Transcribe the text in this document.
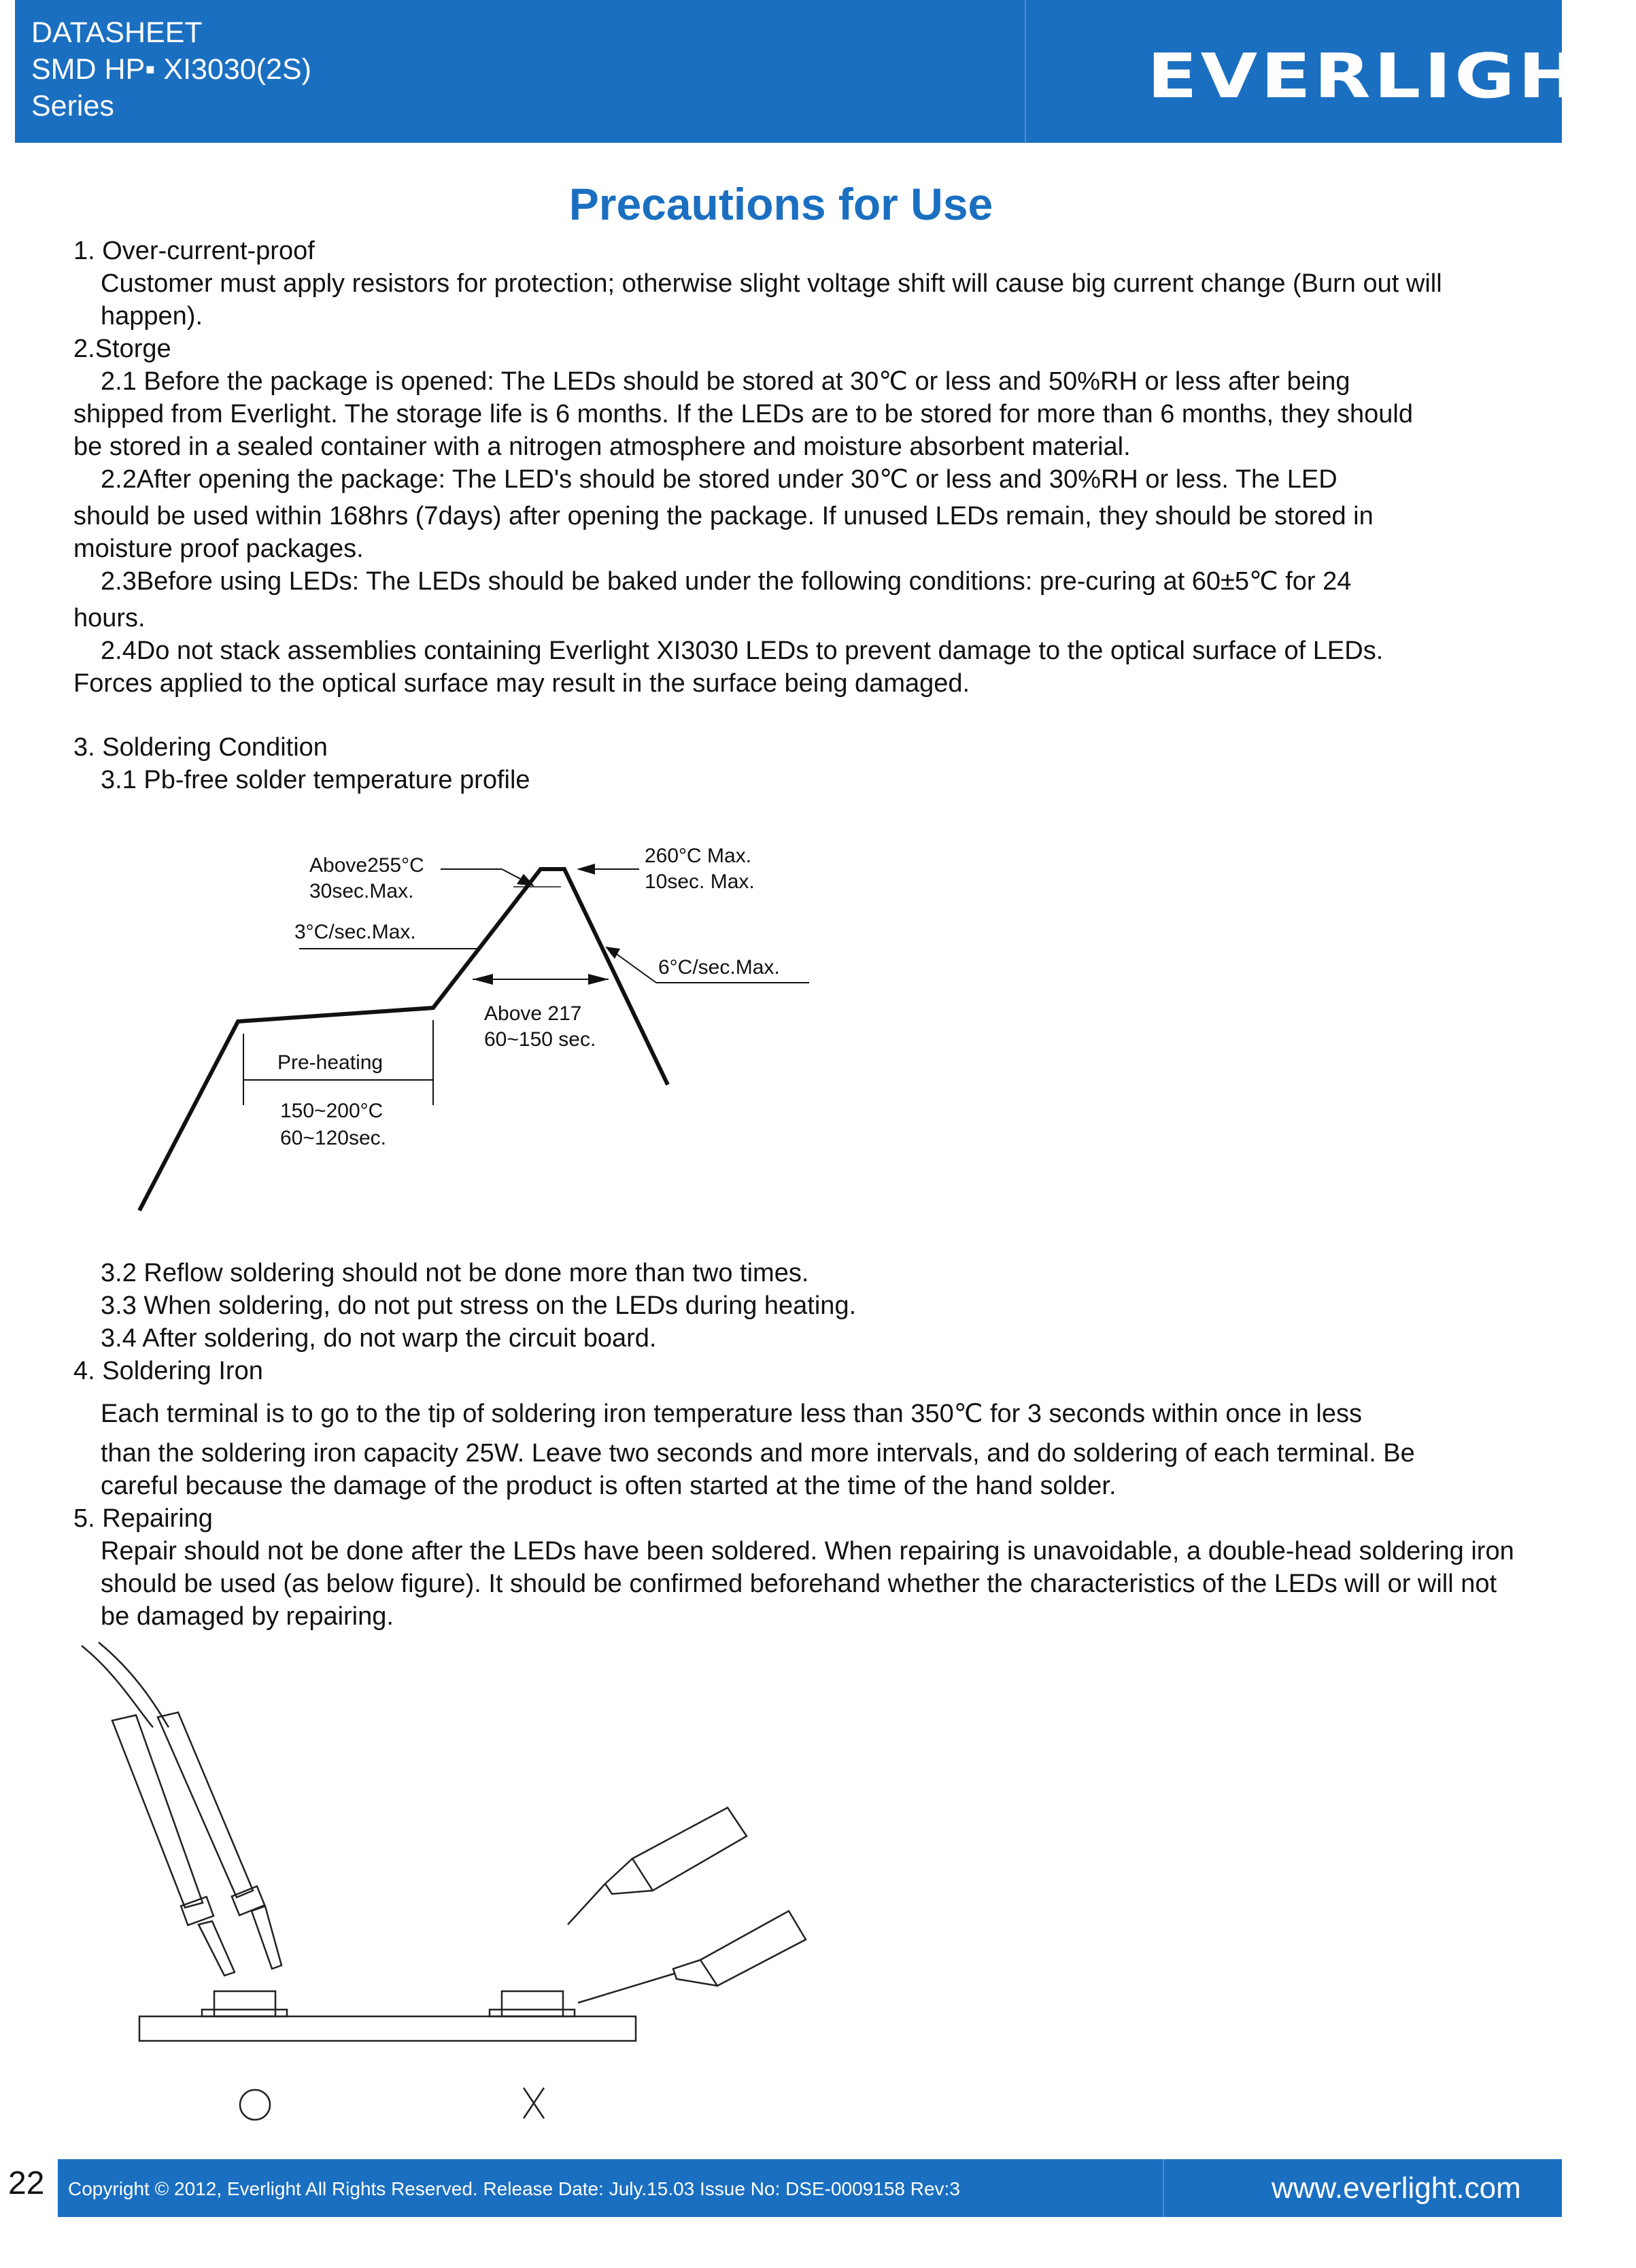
DATASHEET
SMD HP▪ XI3030(2S)
Series	EVERLIGHT
Precautions for Use
1. Over-current-proof
Customer must apply resistors for protection; otherwise slight voltage shift will cause big current change (Burn out will happen).
2.Storge
2.1 Before the package is opened: The LEDs should be stored at 30℃ or less and 50%RH or less after being
shipped from Everlight. The storage life is 6 months. If the LEDs are to be stored for more than 6 months, they should
be stored in a sealed container with a nitrogen atmosphere and moisture absorbent material.
2.2After opening the package: The LED's should be stored under 30℃ or less and 30%RH or less. The LED
should be used within 168hrs (7days) after opening the package. If unused LEDs remain, they should be stored in
moisture proof packages.
2.3Before using LEDs: The LEDs should be baked under the following conditions: pre-curing at 60±5℃ for 24
hours.
2.4Do not stack assemblies containing Everlight XI3030 LEDs to prevent damage to the optical surface of LEDs.
Forces applied to the optical surface may result in the surface being damaged.
3. Soldering Condition
3.1 Pb-free solder temperature profile
Above255°C
30sec.Max.
3°C/sec.Max.
260°C Max.
10sec. Max.
6°C/sec.Max.
Above 217
60~150 sec.
Pre-heating
150~200°C
60~120sec.
3.2 Reflow soldering should not be done more than two times.
3.3 When soldering, do not put stress on the LEDs during heating.
3.4 After soldering, do not warp the circuit board.
4. Soldering Iron
Each terminal is to go to the tip of soldering iron temperature less than 350℃ for 3 seconds within once in less
than the soldering iron capacity 25W. Leave two seconds and more intervals, and do soldering of each terminal. Be
careful because the damage of the product is often started at the time of the hand solder.
5. Repairing
Repair should not be done after the LEDs have been soldered. When repairing is unavoidable, a double-head soldering iron should be used (as below figure). It should be confirmed beforehand whether the characteristics of the LEDs will or will not be damaged by repairing.
22 Copyright © 2012, Everlight All Rights Reserved. Release Date: July.15.03 Issue No: DSE-0009158 Rev:3	www.everlight.com
